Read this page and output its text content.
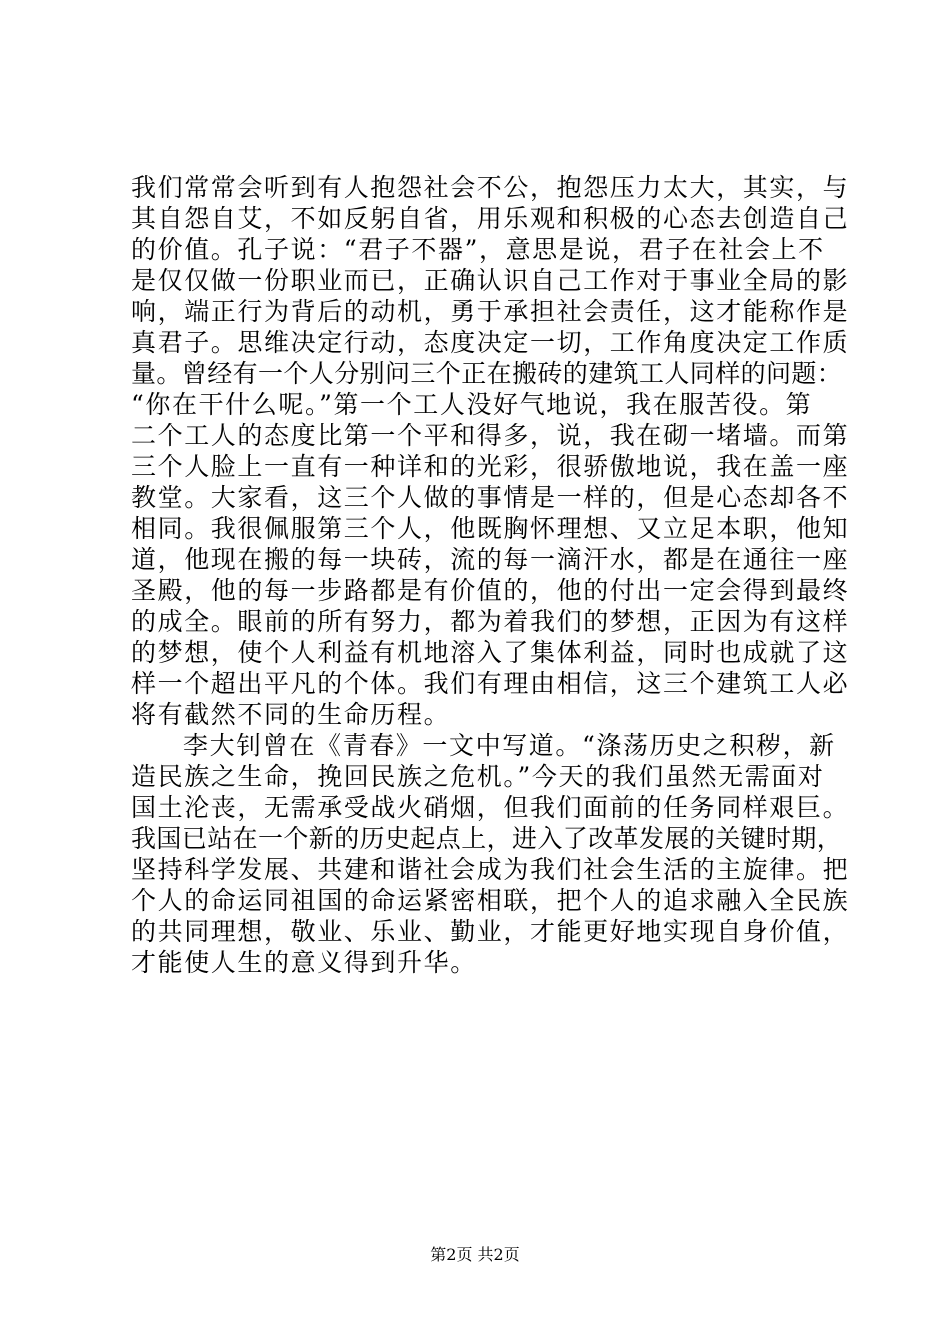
我们常常会听到有人抱怨社会不公，抱怨压力太大，其实，与
其自怨自艾，不如反躬自省，用乐观和积极的心态去创造自己
的价值。孔子说：“君子不器”，意思是说，君子在社会上不
是仅仅做一份职业而已，正确认识自己工作对于事业全局的影
响，端正行为背后的动机，勇于承担社会责任，这才能称作是
真君子。思维决定行动，态度决定一切，工作角度决定工作质
量。曾经有一个人分别问三个正在搬砖的建筑工人同样的问题：
“你在干什么呢。”第一个工人没好气地说，我在服苦役。第
二个工人的态度比第一个平和得多，说，我在砌一堵墙。而第
三个人脸上一直有一种详和的光彩，很骄傲地说，我在盖一座
教堂。大家看，这三个人做的事情是一样的，但是心态却各不
相同。我很佩服第三个人，他既胸怀理想、又立足本职，他知
道，他现在搬的每一块砖，流的每一滴汗水，都是在通往一座
圣殿，他的每一步路都是有价值的，他的付出一定会得到最终
的成全。眼前的所有努力，都为着我们的梦想，正因为有这样
的梦想，使个人利益有机地溶入了集体利益，同时也成就了这
样一个超出平凡的个体。我们有理由相信，这三个建筑工人必
将有截然不同的生命历程。
李大钊曾在《青春》一文中写道。“涤荡历史之积秽，新
造民族之生命，挽回民族之危机。”今天的我们虽然无需面对
国土沦丧，无需承受战火硝烟，但我们面前的任务同样艰巨。
我国已站在一个新的历史起点上，进入了改革发展的关键时期，
坚持科学发展、共建和谐社会成为我们社会生活的主旋律。把
个人的命运同祖国的命运紧密相联，把个人的追求融入全民族
的共同理想，敬业、乐业、勤业，才能更好地实现自身价值，
才能使人生的意义得到升华。
第2页 共2页
